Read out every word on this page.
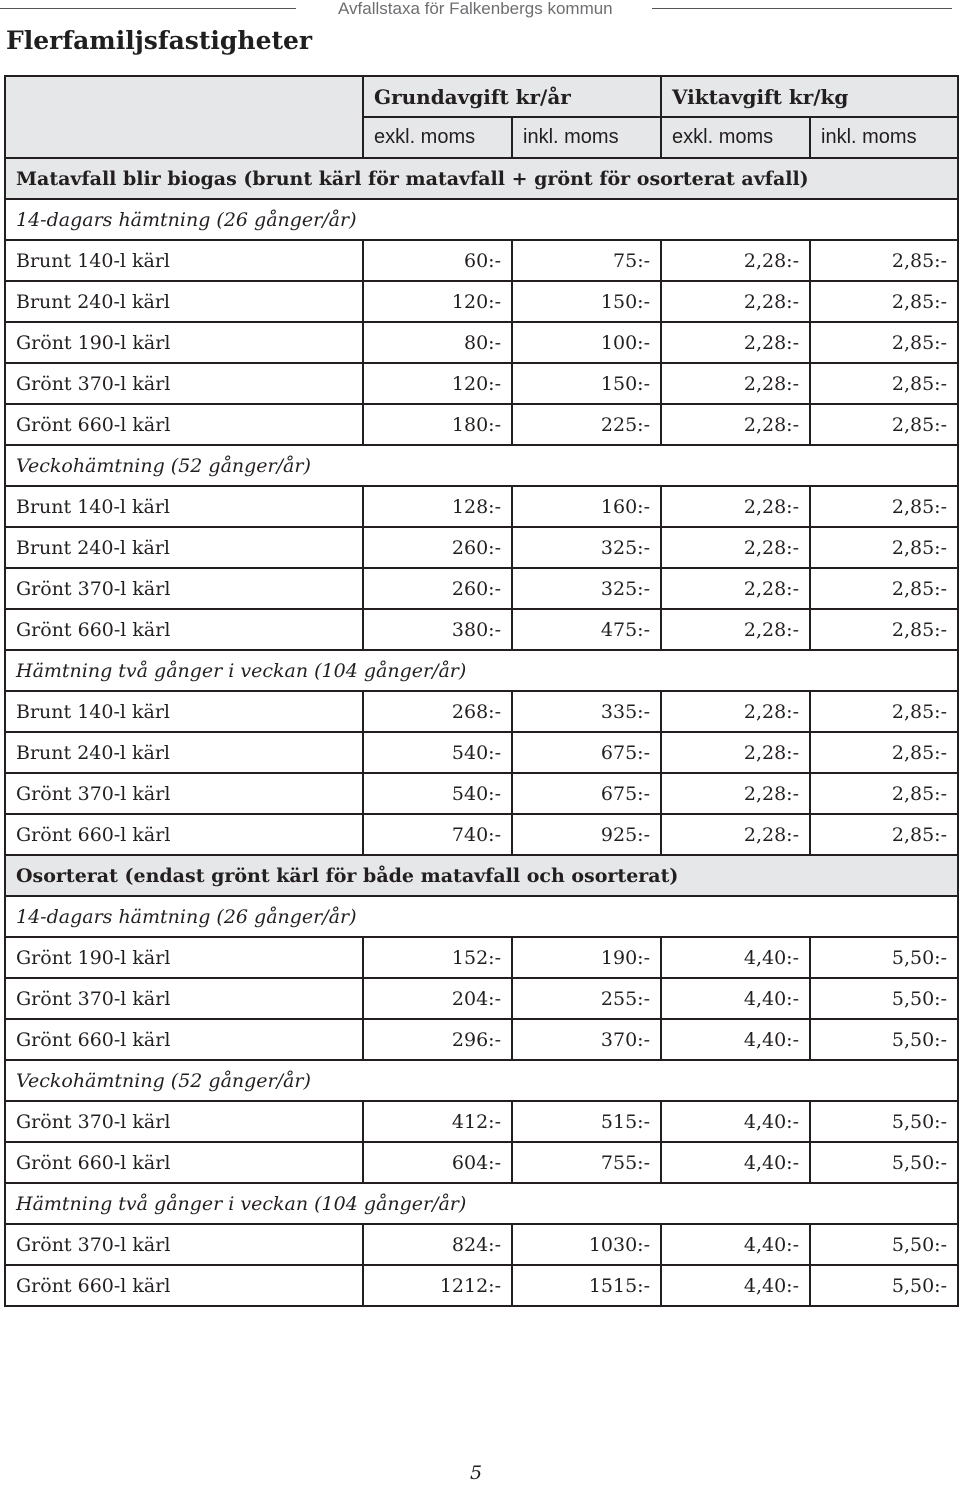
Avfallstaxa för Falkenbergs kommun
Flerfamiljsfastigheter
	Grundavgift kr/år		Viktavgift kr/kg	
	exkl. moms	inkl. moms	exkl. moms	inkl. moms
Matavfall blir biogas (brunt kärl för matavfall + grönt för osorterat avfall)				
14-dagars hämtning (26 gånger/år)				
Brunt 140-l kärl	60:-	75:-	2,28:-	2,85:-
Brunt 240-l kärl	120:-	150:-	2,28:-	2,85:-
Grönt 190-l kärl	80:-	100:-	2,28:-	2,85:-
Grönt 370-l kärl	120:-	150:-	2,28:-	2,85:-
Grönt 660-l kärl	180:-	225:-	2,28:-	2,85:-
Veckohämtning (52 gånger/år)				
Brunt 140-l kärl	128:-	160:-	2,28:-	2,85:-
Brunt 240-l kärl	260:-	325:-	2,28:-	2,85:-
Grönt 370-l kärl	260:-	325:-	2,28:-	2,85:-
Grönt 660-l kärl	380:-	475:-	2,28:-	2,85:-
Hämtning två gånger i veckan (104 gånger/år)				
Brunt 140-l kärl	268:-	335:-	2,28:-	2,85:-
Brunt 240-l kärl	540:-	675:-	2,28:-	2,85:-
Grönt 370-l kärl	540:-	675:-	2,28:-	2,85:-
Grönt 660-l kärl	740:-	925:-	2,28:-	2,85:-
Osorterat (endast grönt kärl för både matavfall och osorterat)				
14-dagars hämtning (26 gånger/år)				
Grönt 190-l kärl	152:-	190:-	4,40:-	5,50:-
Grönt 370-l kärl	204:-	255:-	4,40:-	5,50:-
Grönt 660-l kärl	296:-	370:-	4,40:-	5,50:-
Veckohämtning (52 gånger/år)				
Grönt 370-l kärl	412:-	515:-	4,40:-	5,50:-
Grönt 660-l kärl	604:-	755:-	4,40:-	5,50:-
Hämtning två gånger i veckan (104 gånger/år)				
Grönt 370-l kärl	824:-	1030:-	4,40:-	5,50:-
Grönt 660-l kärl	1212:-	1515:-	4,40:-	5,50:-
5
